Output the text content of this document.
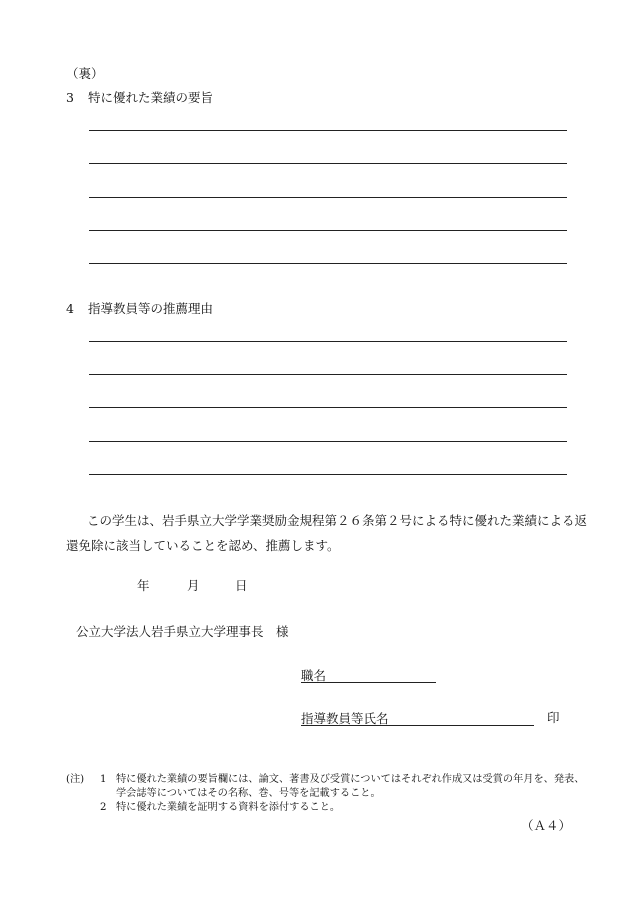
（裏）
3 特に優れた業績の要旨
4 指導教員等の推薦理由
この学生は、岩手県立大学学業奨励金規程第２６条第２号による特に優れた業績による返
還免除に該当していることを認め、推薦します。
年	月	日
公立大学法人岩手県立大学理事長　様
職名
指導教員等氏名	印
(注) 1 特に優れた業績の要旨欄には、論文、著書及び受賞についてはそれぞれ作成又は受賞の年月を、発表、
学会誌等についてはその名称、巻、号等を記載すること。
2 特に優れた業績を証明する資料を添付すること。
（Ａ４）
